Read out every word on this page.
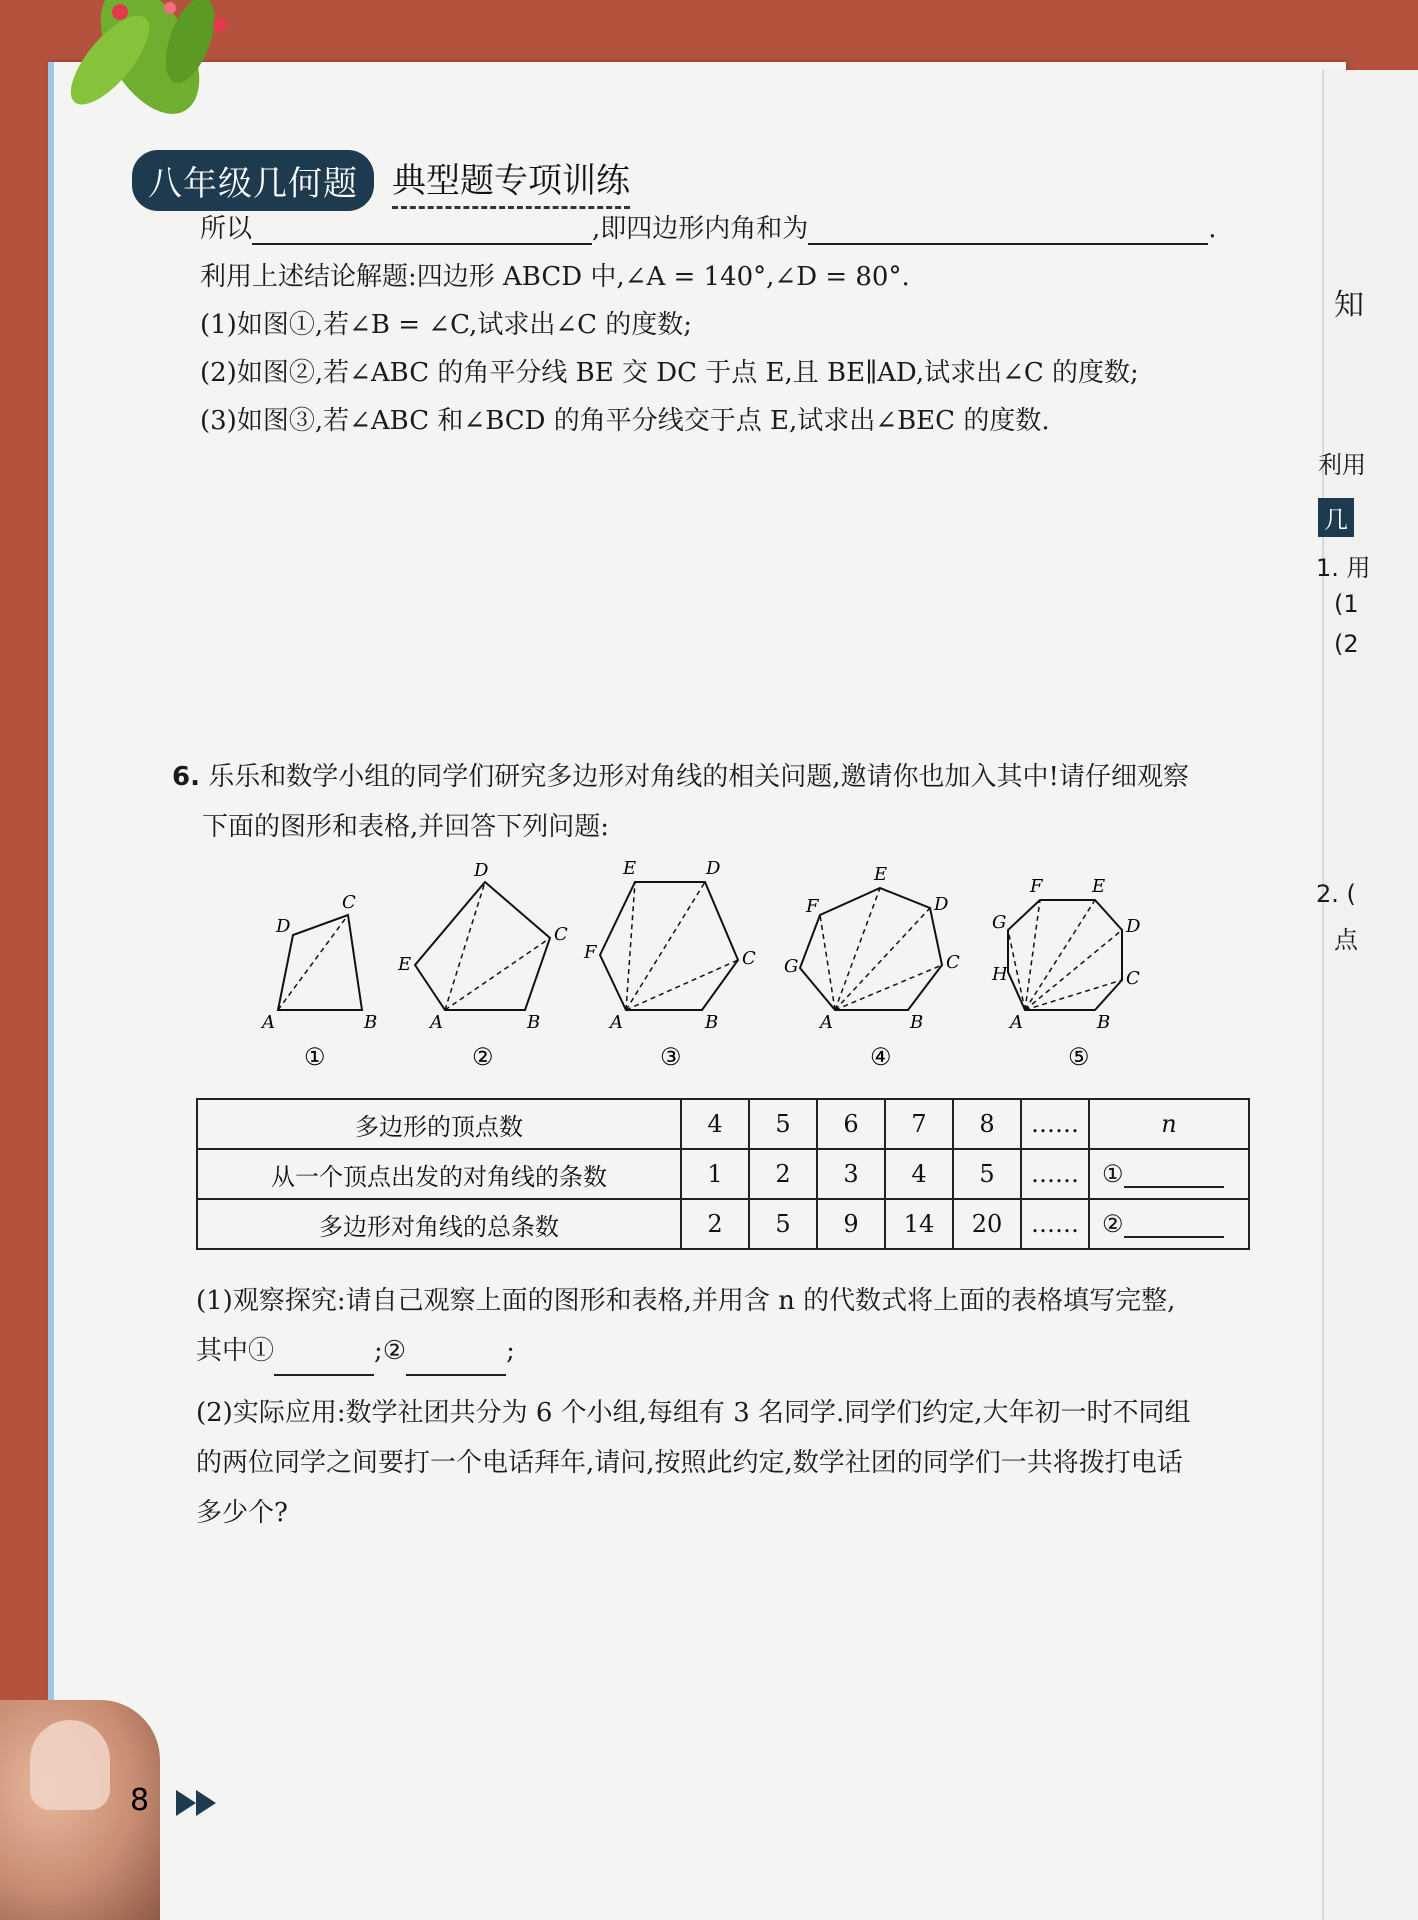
知
利用
几
1. 用
(1
(2
2. (
点
八年级几何题	典型题专项训练
所以	,即四边形内角和为	.
利用上述结论解题:四边形 ABCD 中,∠A = 140°,∠D = 80°.
(1)如图①,若∠B = ∠C,试求出∠C 的度数;
(2)如图②,若∠ABC 的角平分线 BE 交 DC 于点 E,且 BE∥AD,试求出∠C 的度数;
(3)如图③,若∠ABC 和∠BCD 的角平分线交于点 E,试求出∠BEC 的度数.
6. 乐乐和数学小组的同学们研究多边形对角线的相关问题,邀请你也加入其中!请仔细观察
下面的图形和表格,并回答下列问题:
A	B
C
D
A	B
C
D
E
A	B
C
D
E
F
A	B
C
D
E
F
G
A	B
C
D
E
F
G
H
①	②	③	④	⑤
多边形的顶点数	4	5	6	7	8	……	n
从一个顶点出发的对角线的条数	1	2	3	4	5	……	①
多边形对角线的总条数	2	5	9	14	20	……	②
(1)观察探究:请自己观察上面的图形和表格,并用含 n 的代数式将上面的表格填写完整,
其中①	;②	;
(2)实际应用:数学社团共分为 6 个小组,每组有 3 名同学.同学们约定,大年初一时不同组
的两位同学之间要打一个电话拜年,请问,按照此约定,数学社团的同学们一共将拨打电话
多少个?
8
